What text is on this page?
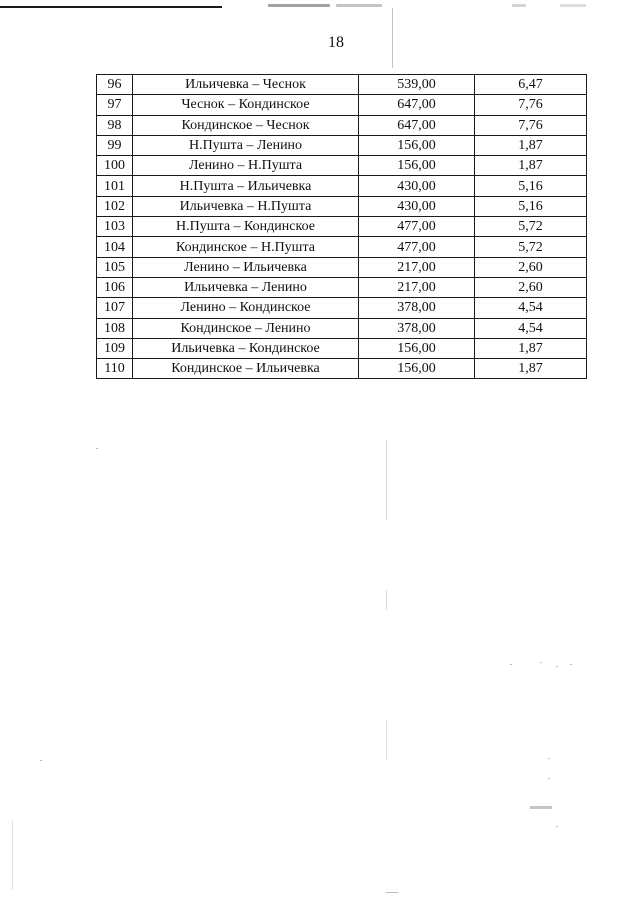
18
96	Ильичевка – Чеснок	539,00	6,47
97	Чеснок – Кондинское	647,00	7,76
98	Кондинское – Чеснок	647,00	7,76
99	Н.Пушта – Ленино	156,00	1,87
100	Ленино – Н.Пушта	156,00	1,87
101	Н.Пушта – Ильичевка	430,00	5,16
102	Ильичевка – Н.Пушта	430,00	5,16
103	Н.Пушта – Кондинское	477,00	5,72
104	Кондинское – Н.Пушта	477,00	5,72
105	Ленино – Ильичевка	217,00	2,60
106	Ильичевка – Ленино	217,00	2,60
107	Ленино – Кондинское	378,00	4,54
108	Кондинское – Ленино	378,00	4,54
109	Ильичевка – Кондинское	156,00	1,87
110	Кондинское – Ильичевка	156,00	1,87
